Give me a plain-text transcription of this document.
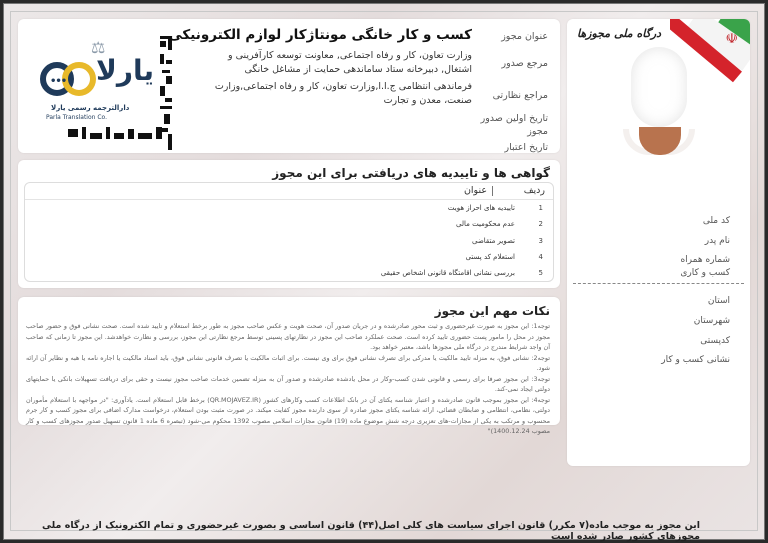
☫
درگاه ملی مجوزها
کد ملی
نام پدر
شماره همراه
کسب و کاری
استان
شهرستان
کدپستی
نشانی کسب و کار
⚖
••• یارلا
دارالترجمه رسمی یارلا
Parla Translation Co.
عنوان مجوز
کسب و کار خانگی مونتاژکار لوازم الکترونیکی
مرجع صدور
وزارت تعاون، کار و رفاه اجتماعی, معاونت توسعه کارآفرینی و اشتغال, دبیرخانه ستاد ساماندهی حمایت از مشاغل خانگی
مراجع نظارتی
فرماندهی انتظامی ج.ا.ا,وزارت تعاون، کار و رفاه اجتماعی,وزارت صنعت، معدن و تجارت
تاریخ اولین صدور
مجوز
تاریخ اعتبار
گواهی ها و تاییدیه های دریافتی برای این مجوز
ردیف
عنوان
1
تاییدیه های احراز هویت
2
عدم محکومیت مالی
3
تصویر متقاضی
4
استعلام کد پستی
5
بررسی نشانی اقامتگاه قانونی اشخاص حقیقی
نکات مهم این مجوز

توجه1: این مجوز به صورت غیرحضوری و ثبت محور صادرشده و در جریان صدور آن، صحت هویت و عکس صاحب مجوز به طور برخط استعلام و تایید شده است. صحت نشانی فوق و حضور صاحب مجوز در محل را مامور پست حضوری تایید کرده است. صحت عملکرد صاحب این مجوز در نظارتهای پسینی توسط مرجع نظارتی این مجوز، بررسی و نظارت خواهدشد. این مجوز تا زمانی که صاحب آن واجد شرایط مندرج در درگاه ملی مجوزها باشد، معتبر خواهد بود.

توجه2: نشانی فوق، به منزله تایید مالکیت یا مدرکی برای تصرف نشانی فوق برای وی نیست. برای اثبات مالکیت یا تصرف قانونی نشانی فوق، باید اسناد مالکیت یا اجاره نامه یا هبه و نظایر آن ارائه شود.

توجه3: این مجوز صرفا برای رسمی و قانونی شدن کسب-وکار در محل یادشده صادرشده و صدور آن به منزله تضمین خدمات صاحب مجوز نیست و حقی برای دریافت تسهیلات بانکی یا حمایتهای دولتی ایجاد نمی-کند.

توجه4: این مجوز بموجب قانون صادرشده و اعتبار شناسه یکتای آن در بانک اطلاعات کسب وکارهای کشور (QR.MOJAVEZ.IR) برخط قابل استعلام است. یادآوری: "در مواجهه با استعلام مأموران دولتی، نظامی، انتظامی و ضابطان قضائی، ارائه شناسه یکتای مجوز صادره از سوی دارنده مجوز کفایت میکند. در صورت مثبت بودن استعلام، درخواست مدارک اضافی برای مجوز کسب و کار جرم محسوب و مرتکب به یکی از مجازات-های تعزیری درجه شش موضوع ماده (19) قانون مجازات اسلامی مصوب 1392 محکوم می-شود (تبصره 6 ماده 1 قانون تسهیل صدور مجوزهای کسب و کار مصوب 1400.12.24)"

این مجوز به موجب ماده(۷ مکرر) قانون اجرای سیاست های کلی اصل(۴۴) قانون اساسی و بصورت غیرحضوری و تمام الکترونیک از درگاه ملی مجوزهای کشور صادر شده است
